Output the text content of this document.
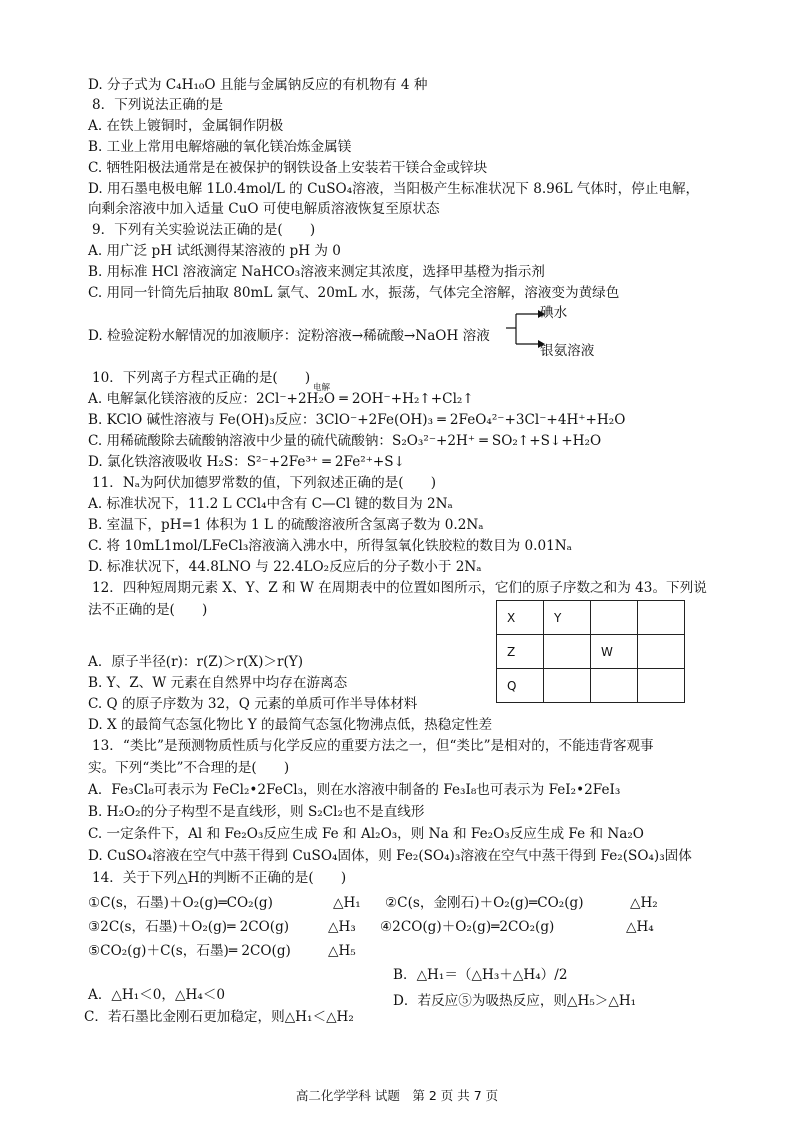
D. 分子式为 C₄H₁₀O 且能与金属钠反应的有机物有 4 种
8．下列说法正确的是
A. 在铁上镀铜时，金属铜作阴极
B. 工业上常用电解熔融的氧化镁冶炼金属镁
C. 牺牲阳极法通常是在被保护的钢铁设备上安装若干镁合金或锌块
D. 用石墨电极电解 1L0.4mol/L 的 CuSO₄溶液，当阳极产生标准状况下 8.96L 气体时，停止电解，
向剩余溶液中加入适量 CuO 可使电解质溶液恢复至原状态
9．下列有关实验说法正确的是(　　)
A. 用广泛 pH 试纸测得某溶液的 pH 为 0
B. 用标准 HCl 溶液滴定 NaHCO₃溶液来测定其浓度，选择甲基橙为指示剂
C. 用同一针筒先后抽取 80mL 氯气、20mL 水，振荡，气体完全溶解，溶液变为黄绿色
D. 检验淀粉水解情况的加液顺序：淀粉溶液→稀硫酸→NaOH 溶液
碘水
银氨溶液
10．下列离子方程式正确的是(　　)
电解
A. 电解氯化镁溶液的反应：2Cl⁻+2H₂O ═ 2OH⁻+H₂↑+Cl₂↑
B. KClO 碱性溶液与 Fe(OH)₃反应：3ClO⁻+2Fe(OH)₃ ═ 2FeO₄²⁻+3Cl⁻+4H⁺+H₂O
C. 用稀硫酸除去硫酸钠溶液中少量的硫代硫酸钠：S₂O₃²⁻+2H⁺ ═ SO₂↑+S↓+H₂O
D. 氯化铁溶液吸收 H₂S：S²⁻+2Fe³⁺ ═ 2Fe²⁺+S↓
11．Nₐ为阿伏加德罗常数的值，下列叙述正确的是(　　)
A. 标准状况下，11.2 L CCl₄中含有 C—Cl 键的数目为 2Nₐ
B. 室温下，pH=1 体积为 1 L 的硫酸溶液所含氢离子数为 0.2Nₐ
C. 将 10mL1mol/LFeCl₃溶液滴入沸水中，所得氢氧化铁胶粒的数目为 0.01Nₐ
D. 标准状况下，44.8LNO 与 22.4LO₂反应后的分子数小于 2Nₐ
12．四种短周期元素 X、Y、Z 和 W 在周期表中的位置如图所示，它们的原子序数之和为 43。下列说
法不正确的是(　　)	X	Y		
Z		W	
Q			
A．原子半径(r)：r(Z)＞r(X)＞r(Y)
B. Y、Z、W 元素在自然界中均存在游离态
C. Q 的原子序数为 32，Q 元素的单质可作半导体材料
D. X 的最简气态氢化物比 Y 的最简气态氢化物沸点低，热稳定性差
13．“类比”是预测物质性质与化学反应的重要方法之一，但“类比”是相对的，不能违背客观事
实。下列“类比”不合理的是(　　)
A．Fe₃Cl₈可表示为 FeCl₂•2FeCl₃，则在水溶液中制备的 Fe₃I₈也可表示为 FeI₂•2FeI₃
B. H₂O₂的分子构型不是直线形，则 S₂Cl₂也不是直线形
C. 一定条件下，Al 和 Fe₂O₃反应生成 Fe 和 Al₂O₃，则 Na 和 Fe₂O₃反应生成 Fe 和 Na₂O
D. CuSO₄溶液在空气中蒸干得到 CuSO₄固体，则 Fe₂(SO₄)₃溶液在空气中蒸干得到 Fe₂(SO₄)₃固体
14．关于下列△H的判断不正确的是(　　)
①C(s，石墨)＋O₂(g)═CO₂(g)	△H₁ ②C(s，金刚石)＋O₂(g)═CO₂(g)	△H₂
③2C(s，石墨)＋O₂(g)═ 2CO(g)	△H₃ ④2CO(g)＋O₂(g)═2CO₂(g)	△H₄
⑤CO₂(g)＋C(s，石墨)═ 2CO(g)	△H₅
B．△H₁＝（△H₃＋△H₄）/2
A．△H₁＜0，△H₄＜0	D．若反应⑤为吸热反应，则△H₅＞△H₁
C．若石墨比金刚石更加稳定，则△H₁＜△H₂
高二化学学科 试题　第 2 页 共 7 页
